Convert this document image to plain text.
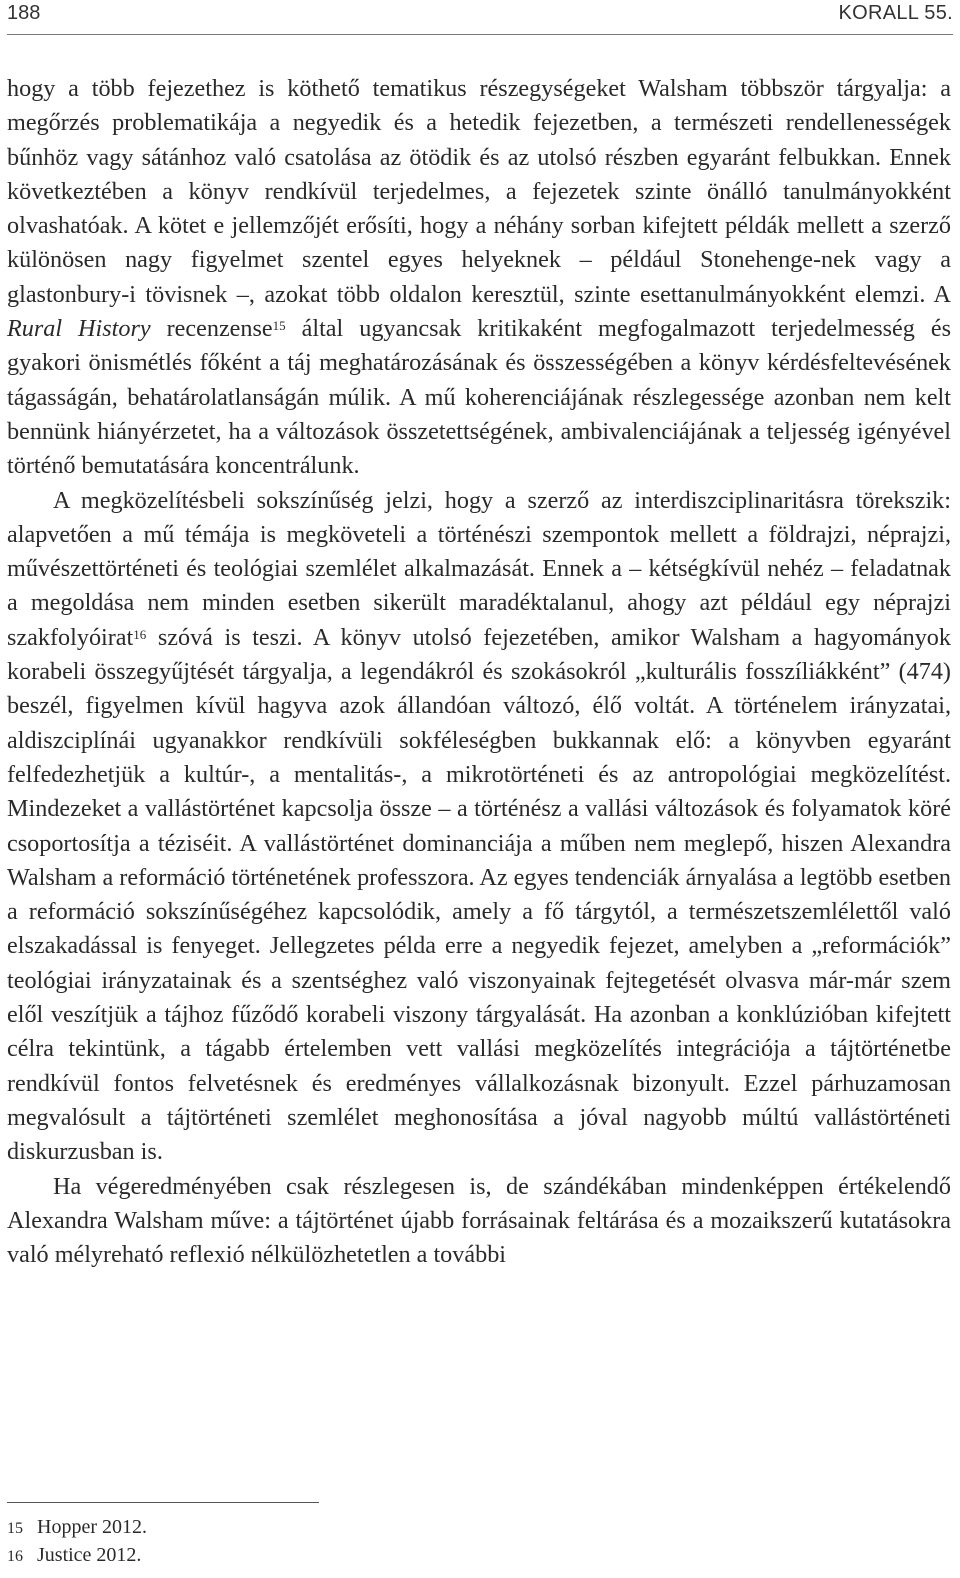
188	KORALL 55.

hogy a több fejezethez is köthető tematikus részegységeket Walsham többször tárgyalja: a megőrzés problematikája a negyedik és a hetedik fejezetben, a természeti rendellenességek bűnhöz vagy sátánhoz való csatolása az ötödik és az utolsó részben egyaránt felbukkan. Ennek következtében a könyv rendkívül terjedelmes, a fejezetek szinte önálló tanulmányokként olvashatóak. A kötet e jellemzőjét erősíti, hogy a néhány sorban kifejtett példák mellett a szerző különösen nagy figyelmet szentel egyes helyeknek – például Stonehenge-nek vagy a glastonbury-i tövisnek –, azokat több oldalon keresztül, szinte esettanulmányokként elemzi. A Rural History recenzense$^{15}$ által ugyancsak kritikaként megfogalmazott terjedelmesség és gyakori önismétlés főként a táj meghatározásának és összességében a könyv kérdésfeltevésének tágasságán, behatárolatlanságán múlik. A mű koherenciájának részlegessége azonban nem kelt bennünk hiányérzetet, ha a változások összetettségének, ambivalenciájának a teljesség igényével történő bemutatására koncentrálunk.

A megközelítésbeli sokszínűség jelzi, hogy a szerző az interdiszciplinaritásra törekszik: alapvetően a mű témája is megköveteli a történészi szempontok mellett a földrajzi, néprajzi, művészettörténeti és teológiai szemlélet alkalmazását. Ennek a – kétségkívül nehéz – feladatnak a megoldása nem minden esetben sikerült maradéktalanul, ahogy azt például egy néprajzi szakfolyóirat$^{16}$ szóvá is teszi. A könyv utolsó fejezetében, amikor Walsham a hagyományok korabeli összegyűjtését tárgyalja, a legendákról és szokásokról „kulturális fosszíliákként” (474) beszél, figyelmen kívül hagyva azok állandóan változó, élő voltát. A történelem irányzatai, aldiszciplínái ugyanakkor rendkívüli sokféleségben bukkannak elő: a könyvben egyaránt felfedezhetjük a kultúr-, a mentalitás-, a mikrotörténeti és az antropológiai megközelítést. Mindezeket a vallástörténet kapcsolja össze – a történész a vallási változások és folyamatok köré csoportosítja a téziséit. A vallástörténet dominanciája a műben nem meglepő, hiszen Alexandra Walsham a reformáció történetének professzora. Az egyes tendenciák árnyalása a legtöbb esetben a reformáció sokszínűségéhez kapcsolódik, amely a fő tárgytól, a természetszemlélettől való elszakadással is fenyeget. Jellegzetes példa erre a negyedik fejezet, amelyben a „reformációk” teológiai irányzatainak és a szentséghez való viszonyainak fejtegetését olvasva már-már szem elől veszítjük a tájhoz fűződő korabeli viszony tárgyalását. Ha azonban a konklúzióban kifejtett célra tekintünk, a tágabb értelemben vett vallási megközelítés integrációja a tájtörténetbe rendkívül fontos felvetésnek és eredményes vállalkozásnak bizonyult. Ezzel párhuzamosan megvalósult a tájtörténeti szemlélet meghonosítása a jóval nagyobb múltú vallástörténeti diskurzusban is.

Ha végeredményében csak részlegesen is, de szándékában mindenképpen értékelendő Alexandra Walsham műve: a tájtörténet újabb forrásainak feltárása és a mozaikszerű kutatásokra való mélyreható reflexió nélkülözhetetlen a további

15 Hopper 2012.
16 Justice 2012.
